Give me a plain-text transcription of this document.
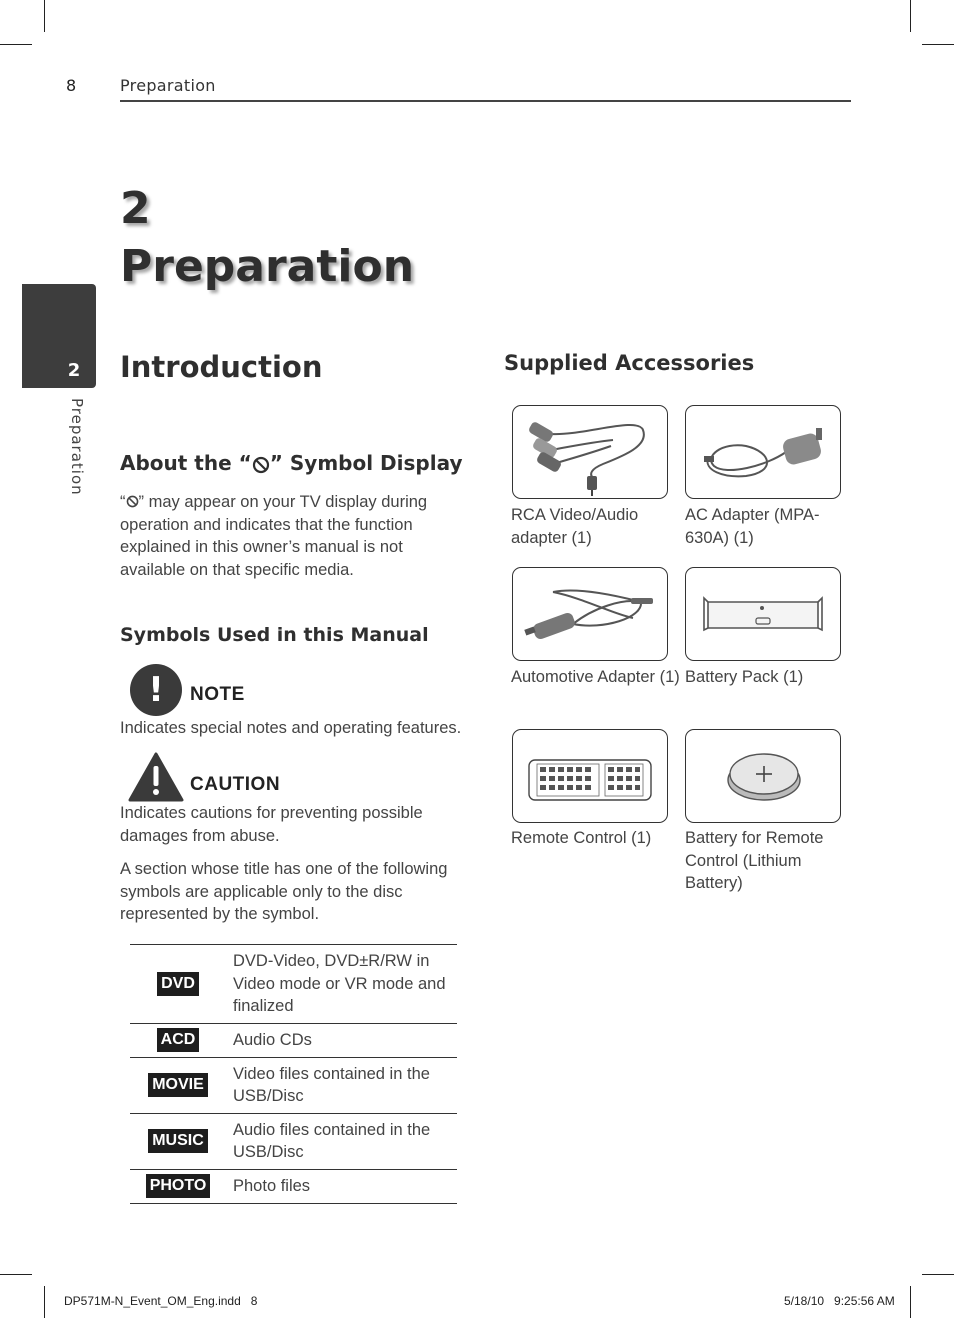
8	Preparation
2
Preparation
2
Preparation
Introduction
About the “ ” Symbol Display
“ ” may appear on your TV display during operation and indicates that the function explained in this owner’s manual is not available on that specific media.
Symbols Used in this Manual
!	NOTE
Indicates special notes and operating features.
CAUTION
Indicates cautions for preventing possible damages from abuse.
A section whose title has one of the following symbols are applicable only to the disc represented by the symbol.
DVD	DVD-Video, DVD±R/RW in Video mode or VR mode and finalized
ACD	Audio CDs
MOVIE	Video files contained in the USB/Disc
MUSIC	Audio files contained in the USB/Disc
PHOTO	Photo files
Supplied Accessories
RCA Video/Audio adapter (1)
AC Adapter (MPA-630A) (1)
Automotive Adapter (1) Battery Pack (1)
Remote Control (1)	Battery for Remote Control (Lithium Battery)
DP571M-N_Event_OM_Eng.indd   8	5/18/10   9:25:56 AM
